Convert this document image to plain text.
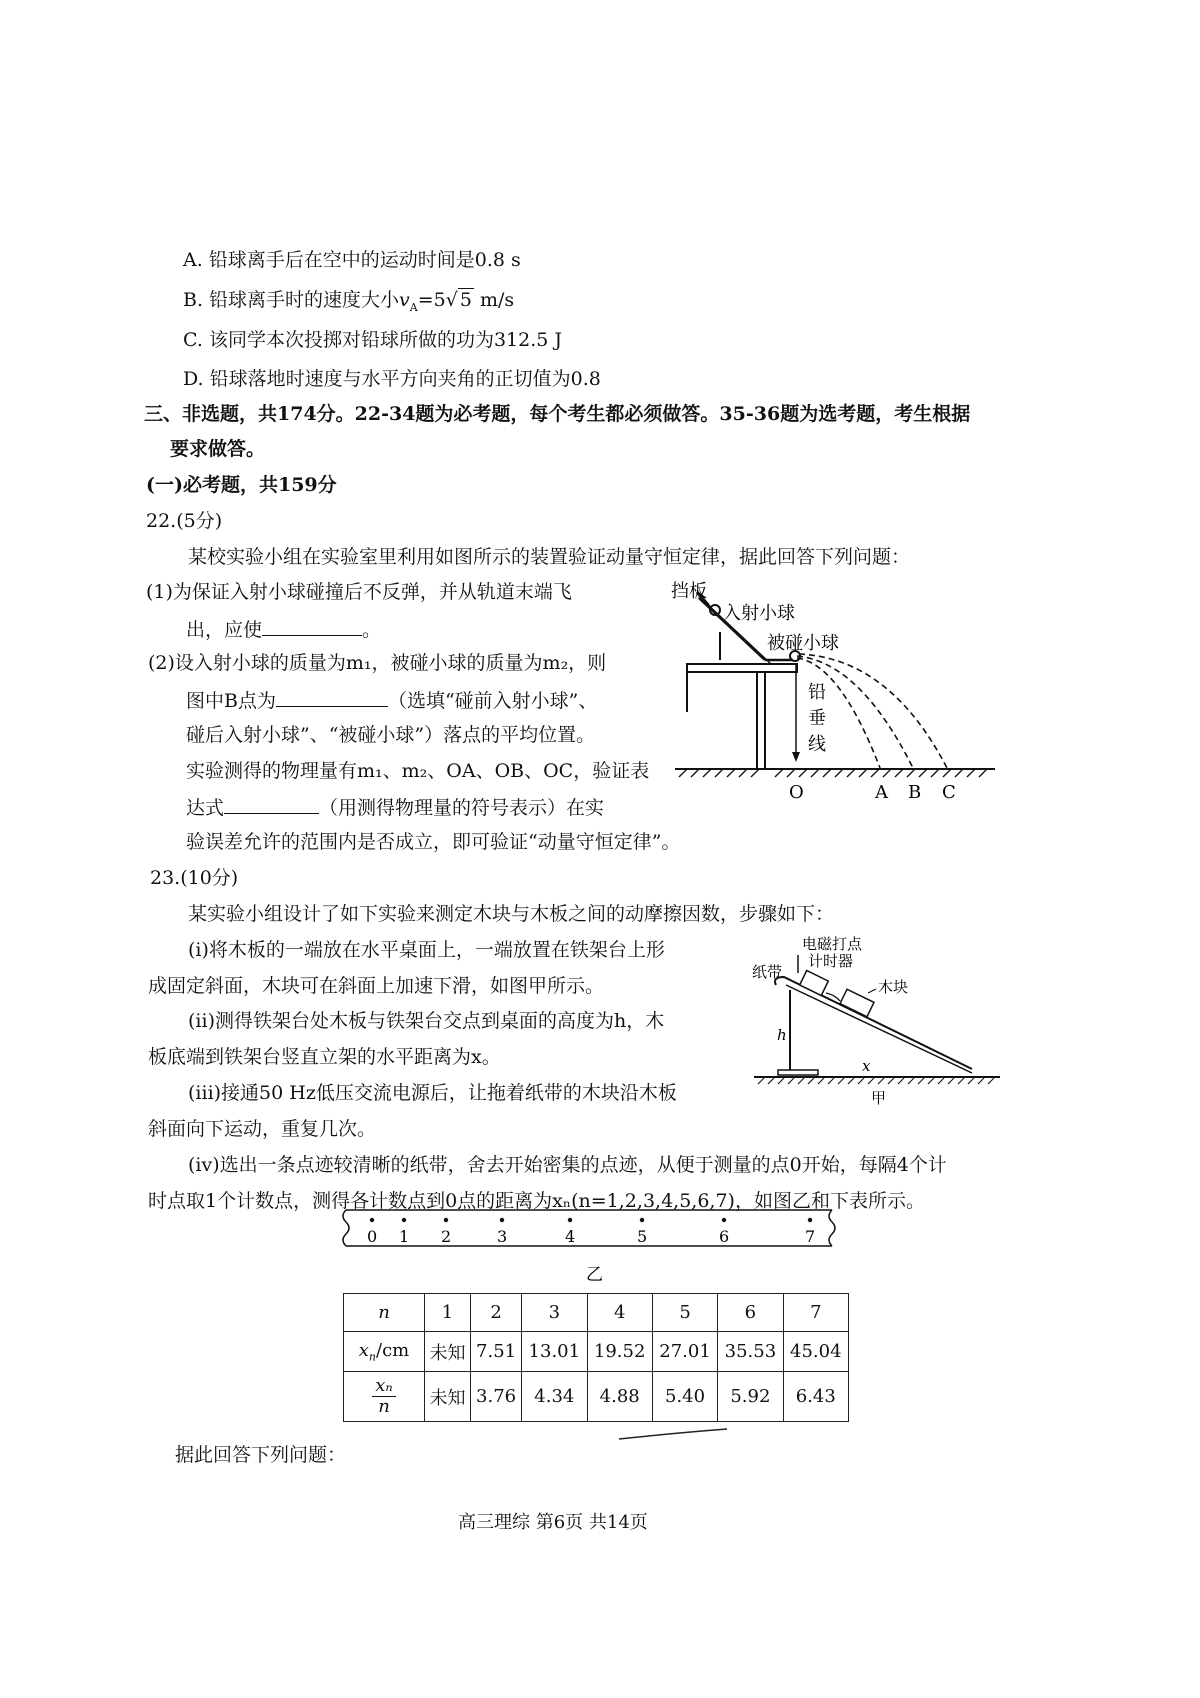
A. 铅球离手后在空中的运动时间是0.8 s
B. 铅球离手时的速度大小$v_A=5√$ 5 m/s
C. 该同学本次投掷对铅球所做的功为312.5 J
D. 铅球落地时速度与水平方向夹角的正切值为0.8
三、非选题，共174分。22-34题为必考题，每个考生都必须做答。35-36题为选考题，考生根据
要求做答。
(一)必考题，共159分
22.(5分)
某校实验小组在实验室里利用如图所示的装置验证动量守恒定律，据此回答下列问题：
(1)为保证入射小球碰撞后不反弹，并从轨道末端飞
出，应使	。
(2)设入射小球的质量为m₁，被碰小球的质量为m₂，则
图中B点为	（选填“碰前入射小球”、
碰后入射小球”、“被碰小球”）落点的平均位置。
实验测得的物理量有m₁、m₂、OA、OB、OC，验证表
达式	（用测得物理量的符号表示）在实
验误差允许的范围内是否成立，即可验证“动量守恒定律”。
挡板
入射小球
被碰小球
铅
垂
线
O	A B C
23.(10分)
某实验小组设计了如下实验来测定木块与木板之间的动摩擦因数，步骤如下：
(i)将木板的一端放在水平桌面上，一端放置在铁架台上形
成固定斜面，木块可在斜面上加速下滑，如图甲所示。
(ii)测得铁架台处木板与铁架台交点到桌面的高度为h，木
板底端到铁架台竖直立架的水平距离为x。
(iii)接通50 Hz低压交流电源后，让拖着纸带的木块沿木板
斜面向下运动，重复几次。
(iv)选出一条点迹较清晰的纸带，舍去开始密集的点迹，从便于测量的点0开始，每隔4个计
时点取1个计数点，测得各计数点到0点的距离为xₙ(n=1,2,3,4,5,6,7)，如图乙和下表所示。
纸带
电磁打点
计时器
木块
h
x
甲
0 1 2	3	4	5	6	7
乙
n	1	2	3	4	5	6	7
$x_n/cm$	未知	7.51	13.01	19.52	27.01	35.53	45.04

$\frac{\text{xₙ}}{n}$	未知	3.76	4.34	4.88	5.40	5.92	6.43
据此回答下列问题：
高三理综 第6页 共14页
